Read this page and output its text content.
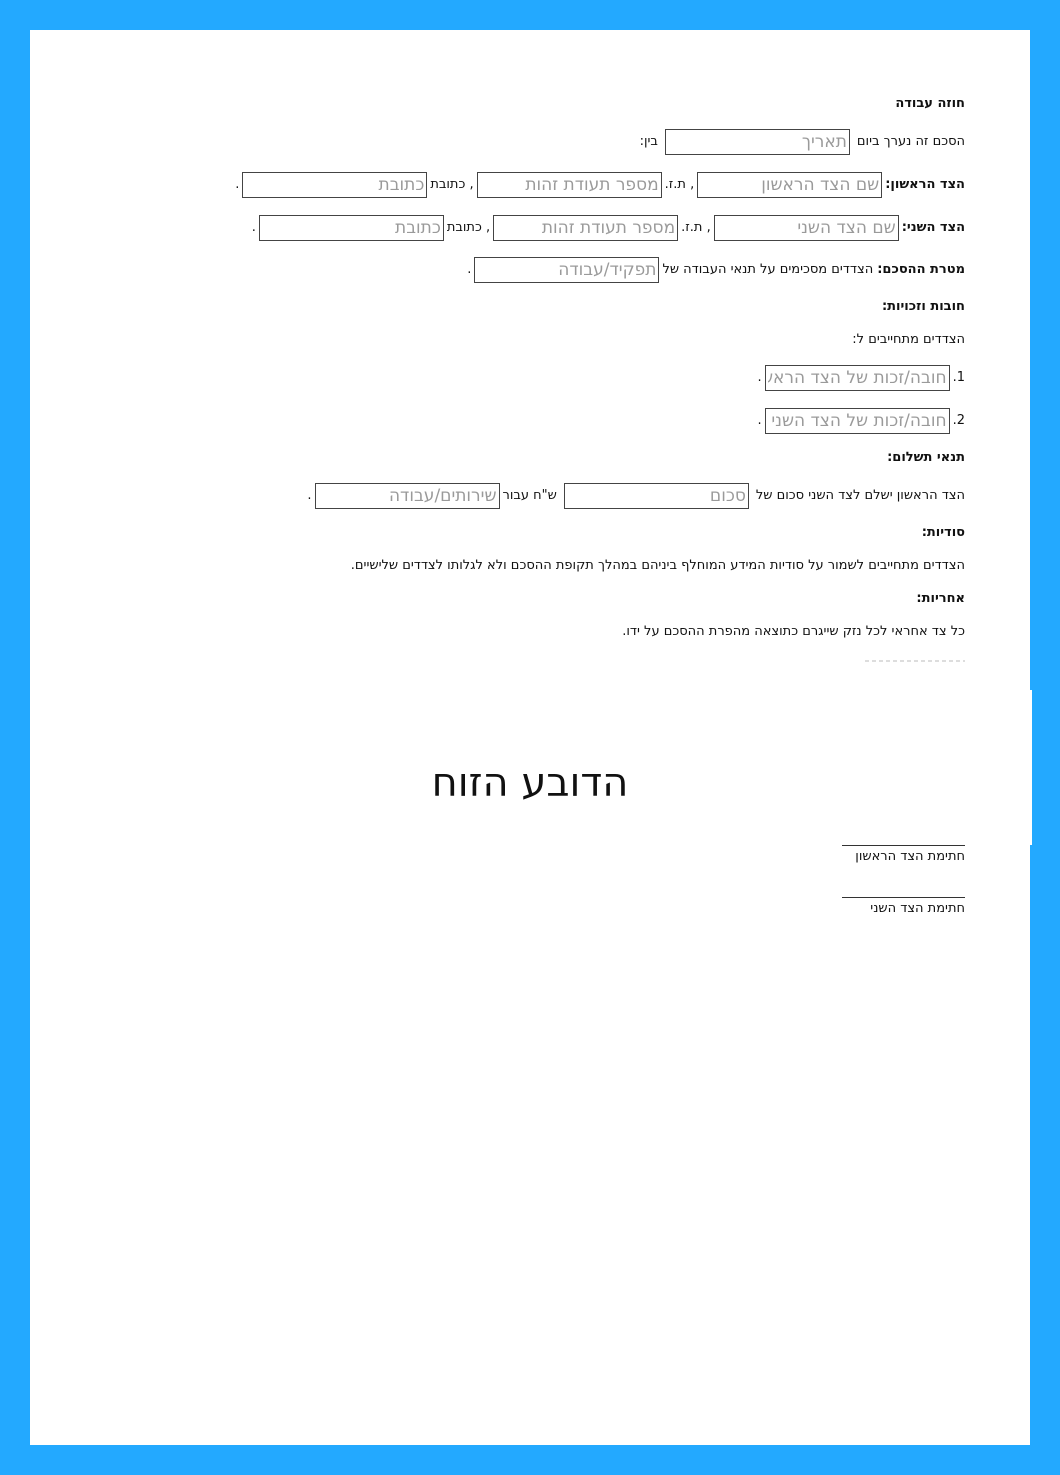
חוזה עבודה
הסכם זה נערך ביום
תאריך
בין:
הצד הראשון:
שם הצד הראשון
, ת.ז.
מספר תעודת זהות
, כתובת
כתובת
.
הצד השני:
שם הצד השני
, ת.ז.
מספר תעודת זהות
, כתובת
כתובת
.
מטרת ההסכם:
הצדדים מסכימים על תנאי העבודה של
תפקיד/עבודה
.
חובות וזכויות:
הצדדים מתחייבים ל:
1.
חובה/זכות של הצד הראשון
.
2.
חובה/זכות של הצד השני
.
תנאי תשלום:
הצד הראשון ישלם לצד השני סכום של
סכום
ש"ח עבור
שירותים/עבודה
.
סודיות:
הצדדים מתחייבים לשמור על סודיות המידע המוחלף ביניהם במהלך תקופת ההסכם ולא לגלותו לצדדים שלישיים.
אחריות:
כל צד אחראי לכל נזק שייגרם כתוצאה מהפרת ההסכם על ידו.
הדובע הזוח
חתימת הצד הראשון
חתימת הצד השני
